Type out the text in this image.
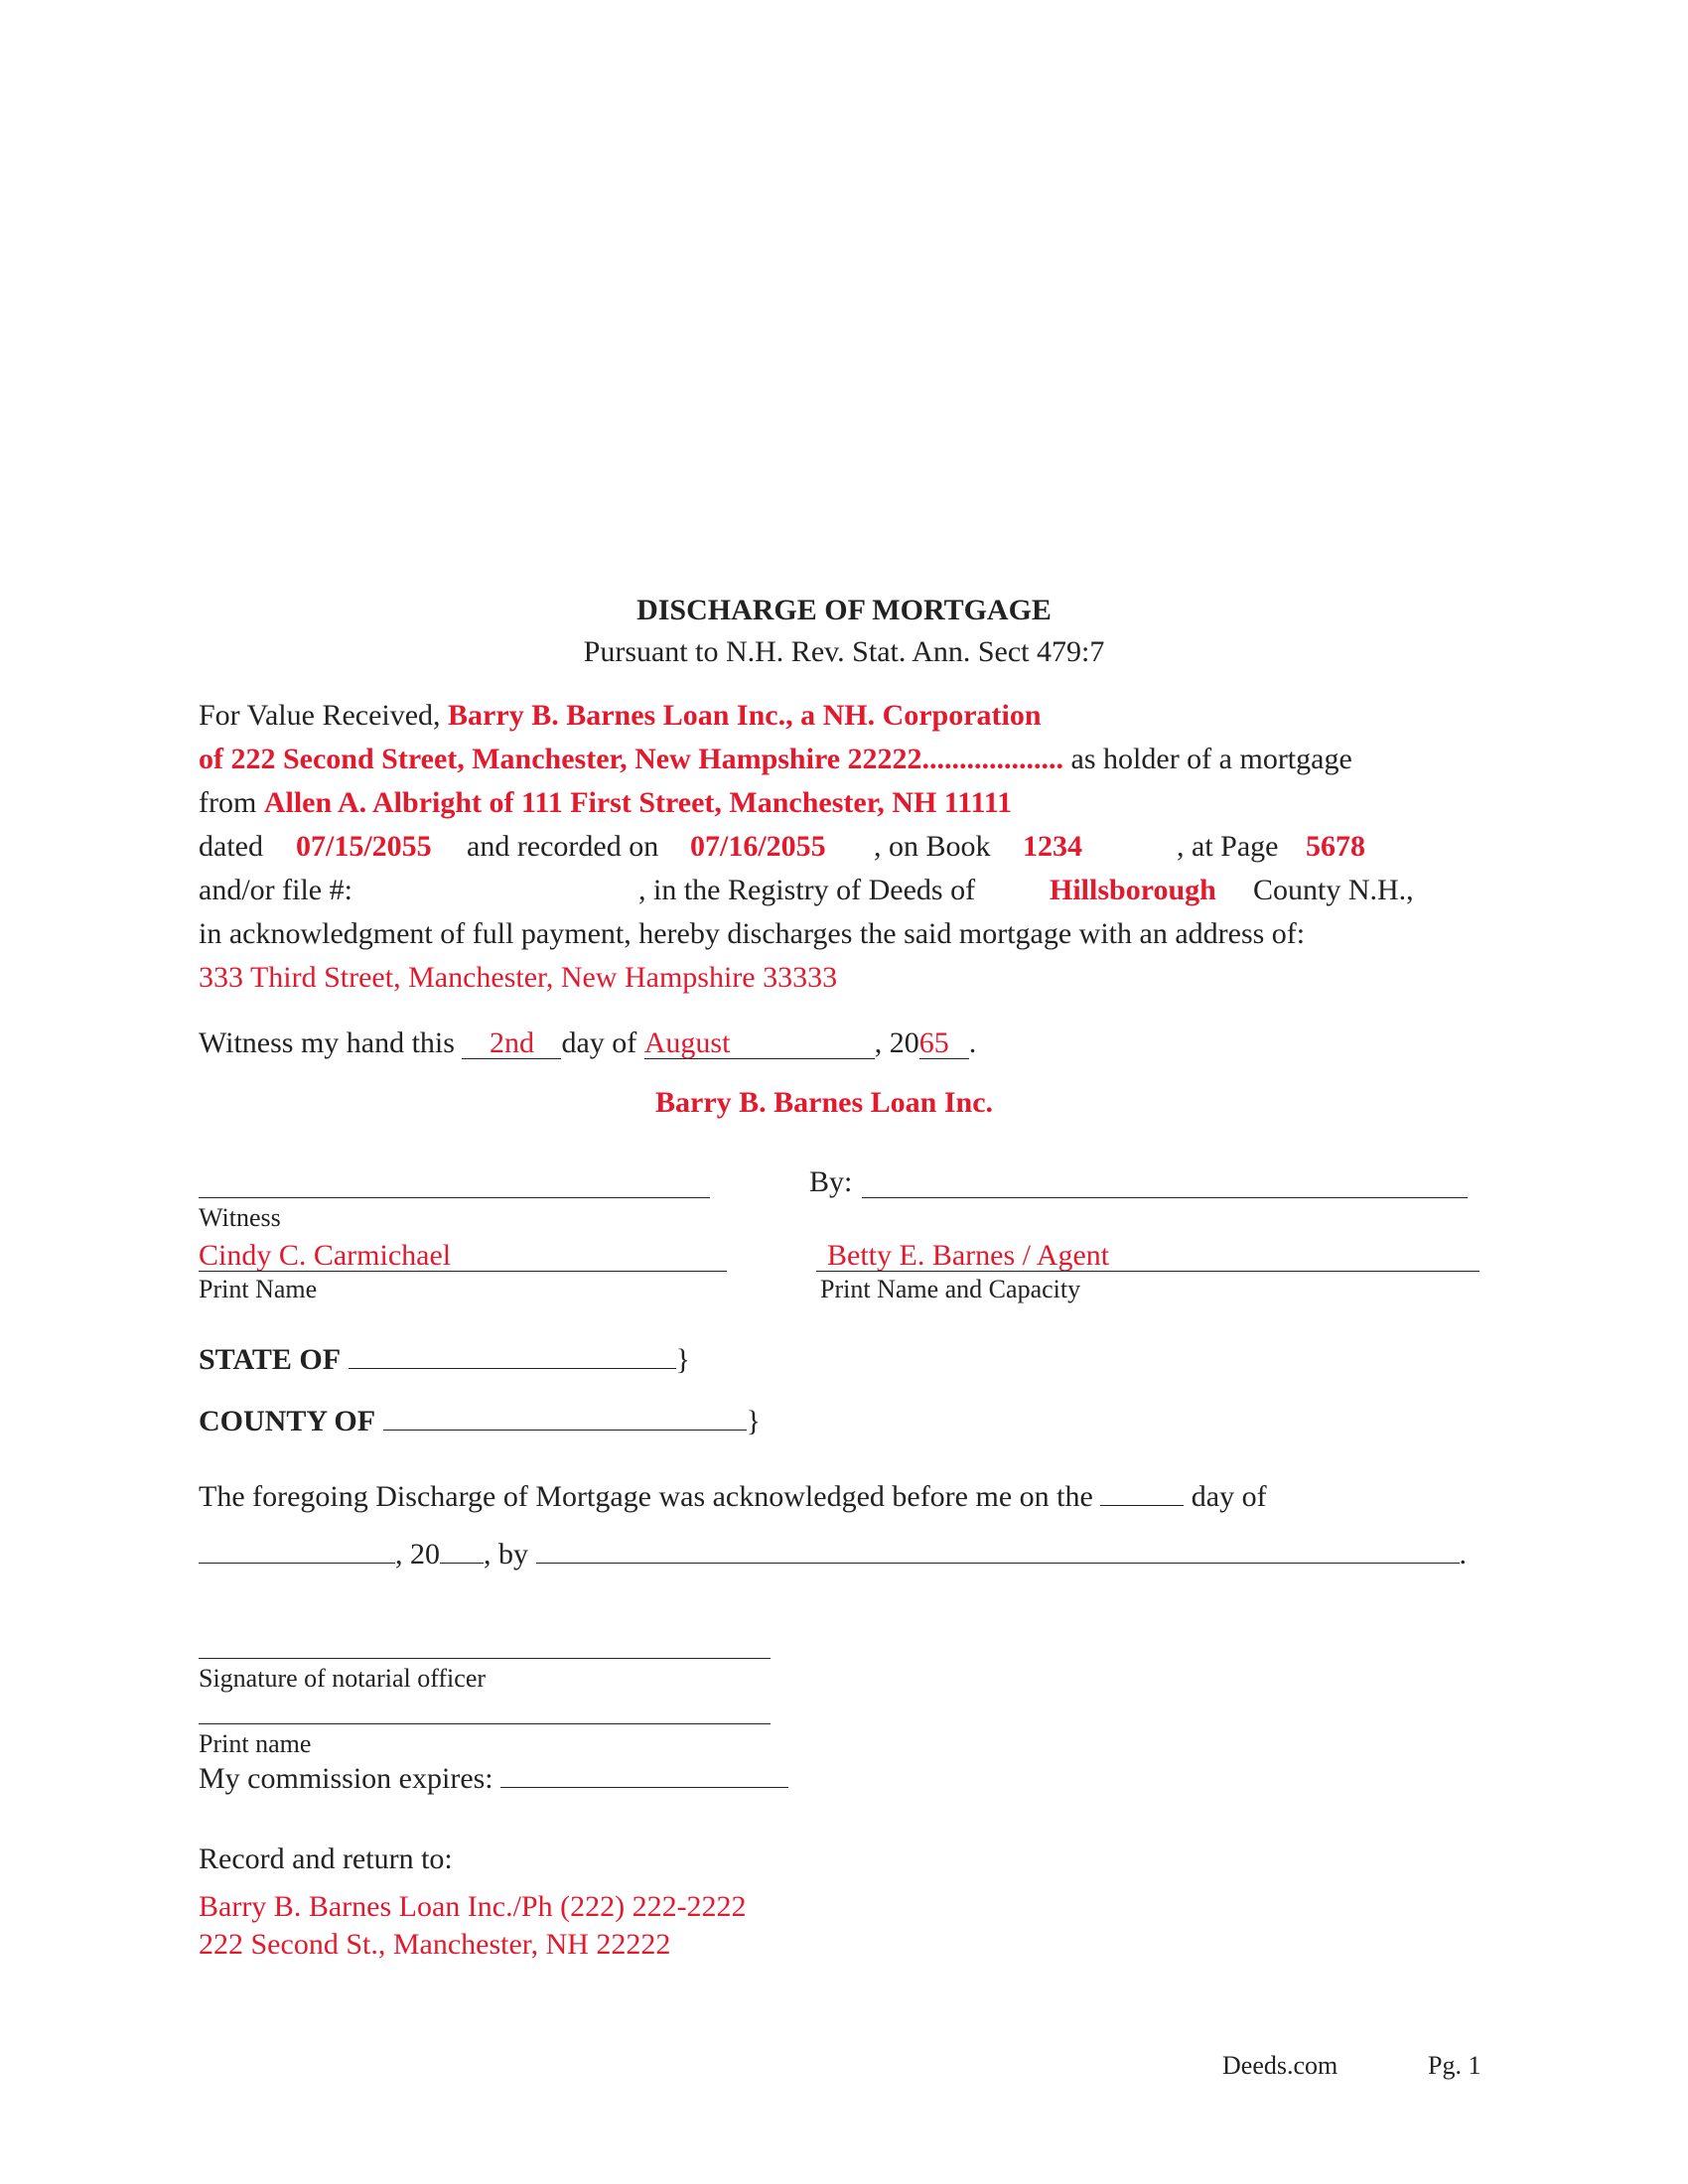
DISCHARGE OF MORTGAGE
Pursuant to N.H. Rev. Stat. Ann. Sect 479:7
For Value Received, Barry B. Barnes Loan Inc., a NH. Corporation
of 222 Second Street, Manchester, New Hampshire 22222................... as holder of a mortgage
from Allen A. Albright of 111 First Street, Manchester, NH 11111
dated 07/15/2055 and recorded on 07/16/2055 , on Book 1234	, at Page 5678
and/or file #:	, in the Registry of Deeds of Hillsborough County N.H.,
in acknowledgment of full payment, hereby discharges the said mortgage with an address of:
333 Third Street, Manchester, New Hampshire 33333
Witness my hand this 2nd day of August	, 2065 .
Barry B. Barnes Loan Inc.
By:
Witness
Cindy C. Carmichael	Betty E. Barnes / Agent
Print Name	Print Name and Capacity
STATE OF	}
COUNTY OF	}
The foregoing Discharge of Mortgage was acknowledged before me on the	day of
, 20 , by	.
Signature of notarial officer
Print name
My commission expires:
Record and return to:
Barry B. Barnes Loan Inc./Ph (222) 222-2222
222 Second St., Manchester, NH 22222
Deeds.com	Pg. 1
